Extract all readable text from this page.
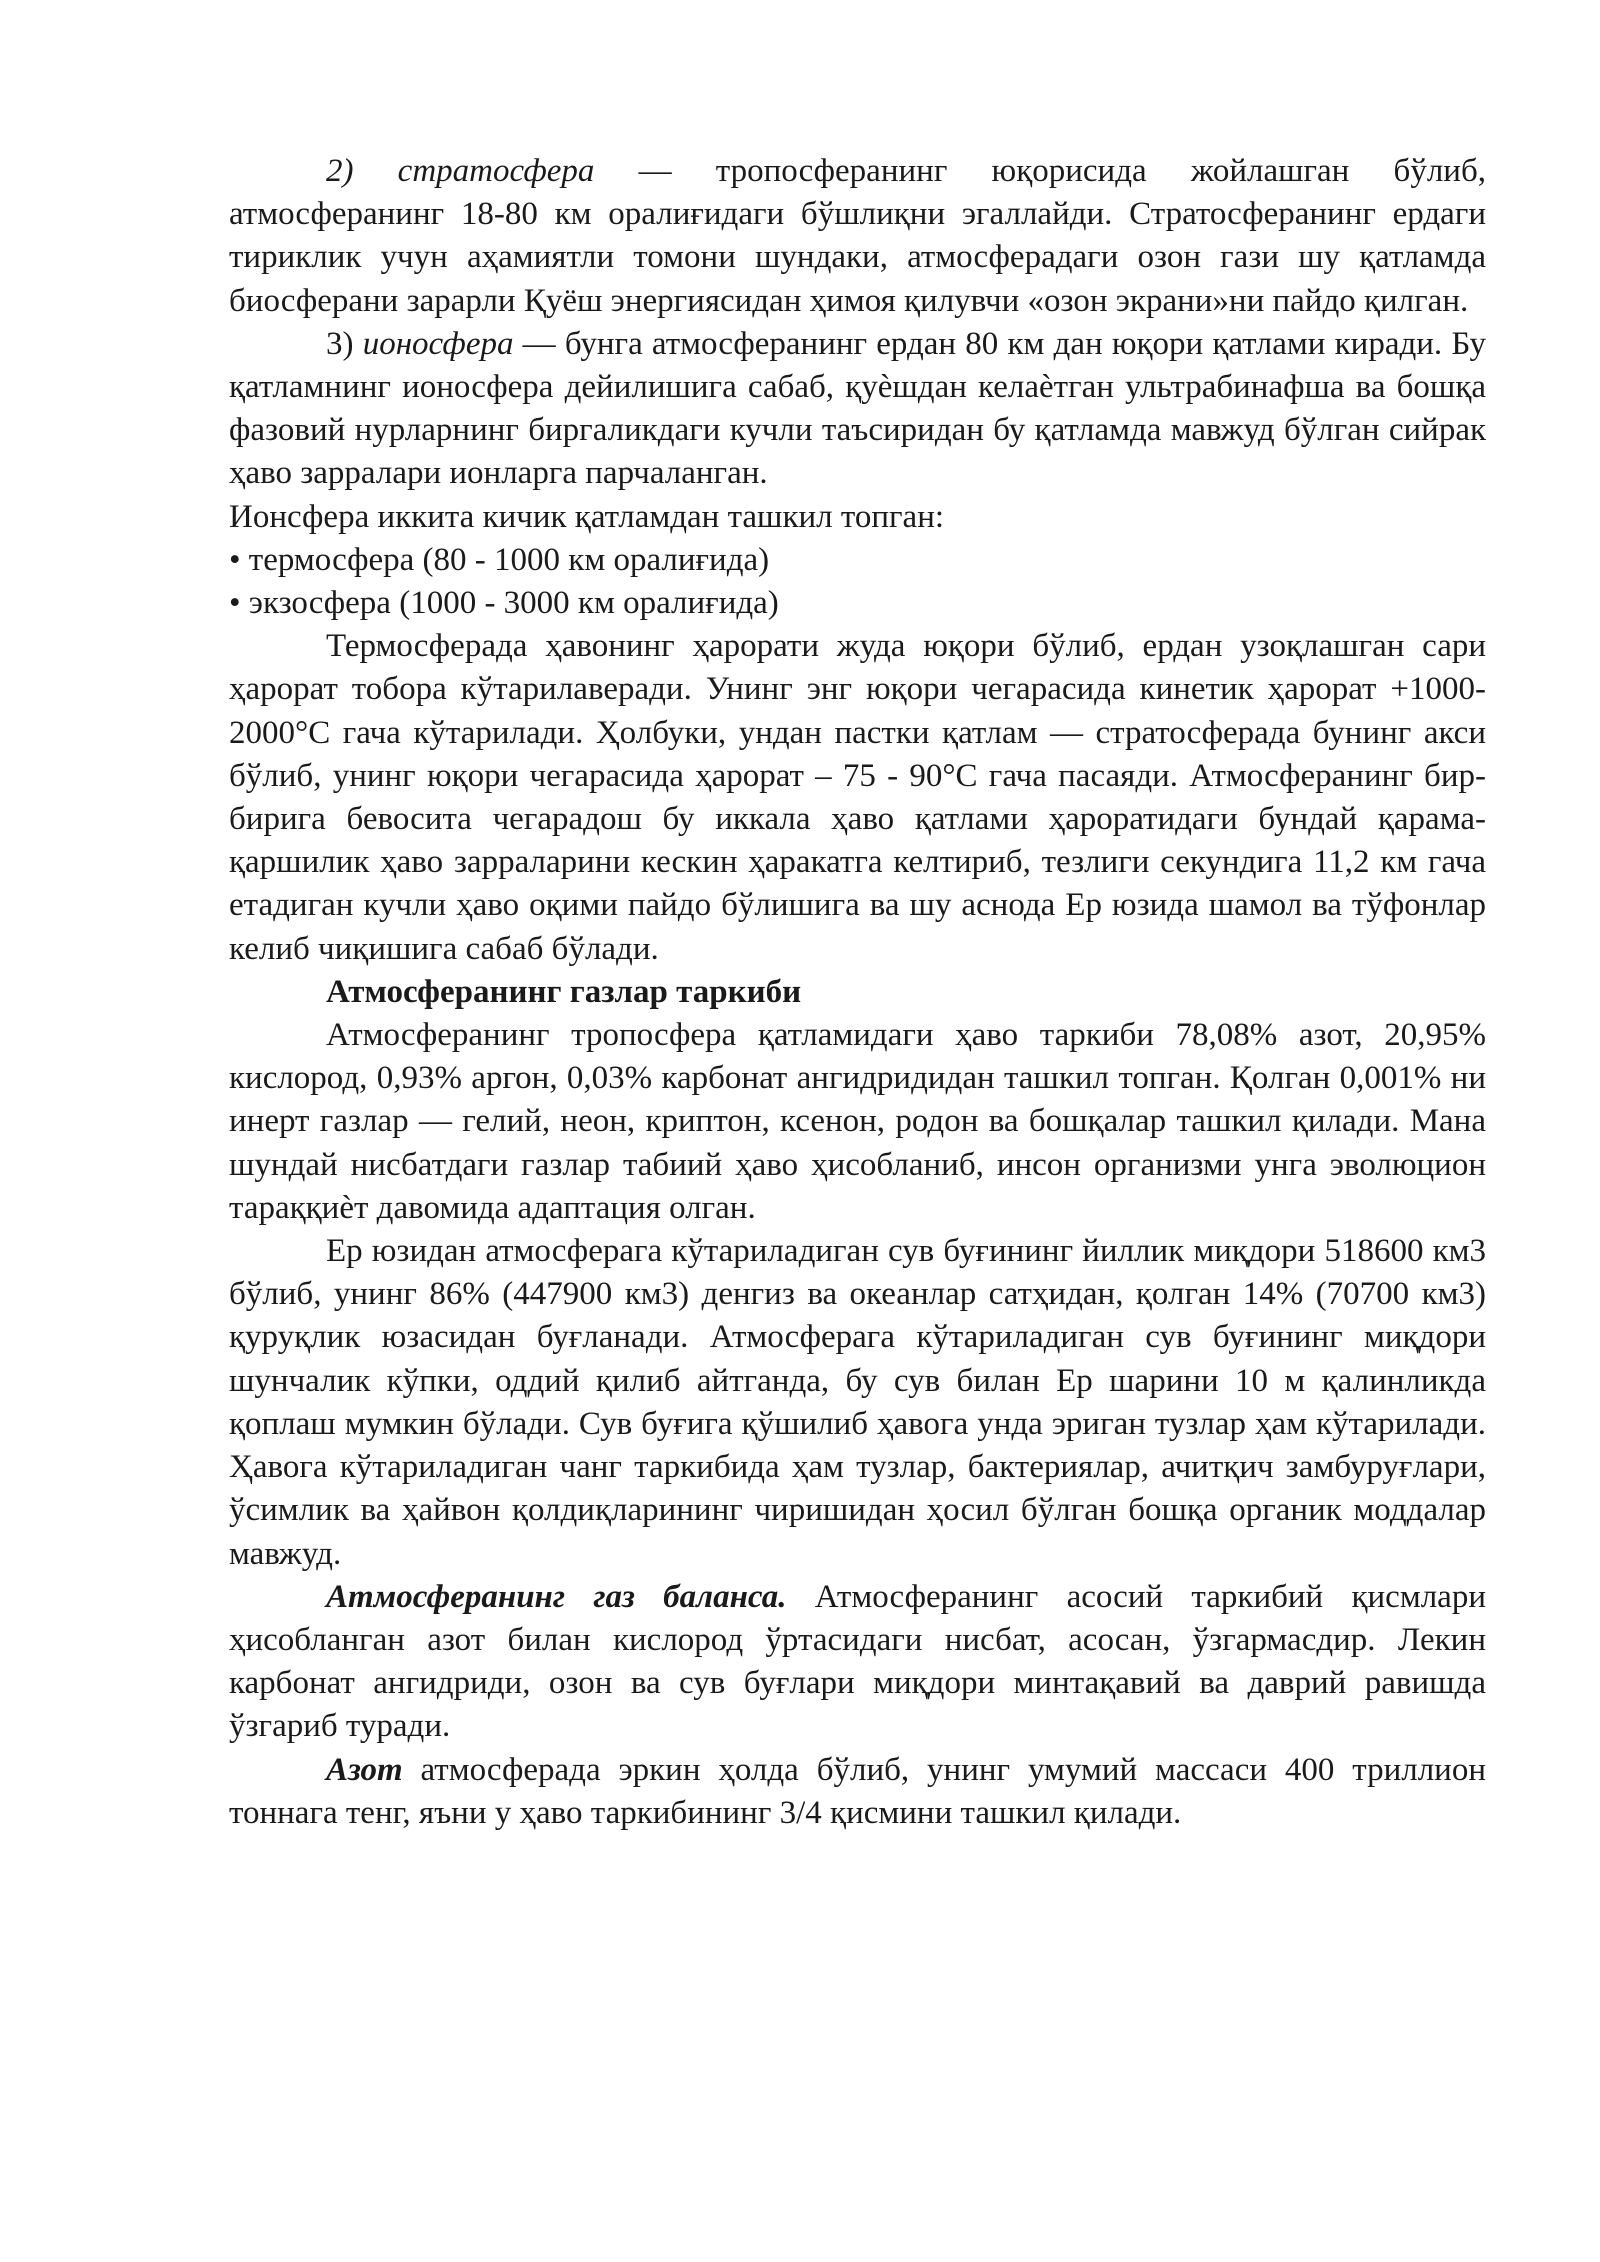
2) стратосфера — тропосферанинг юқорисида жойлашган бўлиб, атмосферанинг 18-80 км оралиғидаги бўшлиқни эгаллайди. Стратосферанинг ердаги тириклик учун аҳамиятли томони шундаки, атмосферадаги озон гази шу қатламда биосферани зарарли Қуёш энергиясидан ҳимоя қилувчи «озон экрани»ни пайдо қилган.

3) ионосфера — бунга атмосферанинг ердан 80 км дан юқори қатлами киради. Бу қатламнинг ионосфера дейилишига сабаб, қуѐшдан келаѐтган ультрабинафша ва бошқа фазовий нурларнинг биргаликдаги кучли таъсиридан бу қатламда мавжуд бўлган сийрак ҳаво зарралари ионларга парчаланган.

Ионсфера иккита кичик қатламдан ташкил топган:

• термосфера (80 - 1000 км оралиғида)

• экзосфера (1000 - 3000 км оралиғида)

Термосферада ҳавонинг ҳарорати жуда юқори бўлиб, ердан узоқлашган сари ҳарорат тобора кўтарилаверади. Унинг энг юқори чегарасида кинетик ҳарорат +1000-2000°С гача кўтарилади. Ҳолбуки, ундан пастки қатлам — стратосферада бунинг акси бўлиб, унинг юқори чегарасида ҳарорат – 75 - 90°С гача пасаяди. Атмосферанинг бир-бирига бевосита чегарадош бу иккала ҳаво қатлами ҳароратидаги бундай қарама-қаршилик ҳаво зарраларини кескин ҳаракатга келтириб, тезлиги секундига 11,2 км гача етадиган кучли ҳаво оқими пайдо бўлишига ва шу аснода Ер юзида шамол ва тўфонлар келиб чиқишига сабаб бўлади.

Атмосферанинг газлар таркиби

Атмосферанинг тропосфера қатламидаги ҳаво таркиби 78,08% азот, 20,95% кислород, 0,93% аргон, 0,03% карбонат ангидридидан ташкил топган. Қолган 0,001% ни инерт газлар — гелий, неон, криптон, ксенон, родон ва бошқалар ташкил қилади. Мана шундай нисбатдаги газлар табиий ҳаво ҳисобланиб, инсон организми унга эволюцион тараққиѐт давомида адаптация олган.

Ер юзидан атмосферага кўтариладиган сув буғининг йиллик миқдори 518600 км3 бўлиб, унинг 86% (447900 км3) денгиз ва океанлар сатҳидан, қолган 14% (70700 км3) қуруқлик юзасидан буғланади. Атмосферага кўтариладиган сув буғининг миқдори шунчалик кўпки, оддий қилиб айтганда, бу сув билан Ер шарини 10 м қалинликда қоплаш мумкин бўлади. Сув буғига қўшилиб ҳавога унда эриган тузлар ҳам кўтарилади. Ҳавога кўтариладиган чанг таркибида ҳам тузлар, бактериялар, ачитқич замбуруғлари, ўсимлик ва ҳайвон қолдиқларининг чиришидан ҳосил бўлган бошқа органик моддалар мавжуд.

Атмосферанинг газ баланса. Атмосферанинг асосий таркибий қисмлари ҳисобланган азот билан кислород ўртасидаги нисбат, асосан, ўзгармасдир. Лекин карбонат ангидриди, озон ва сув буғлари миқдори минтақавий ва даврий равишда ўзгариб туради.

Азот атмосферада эркин ҳолда бўлиб, унинг умумий массаси 400 триллион тоннага тенг, яъни у ҳаво таркибининг 3/4 қисмини ташкил қилади.
